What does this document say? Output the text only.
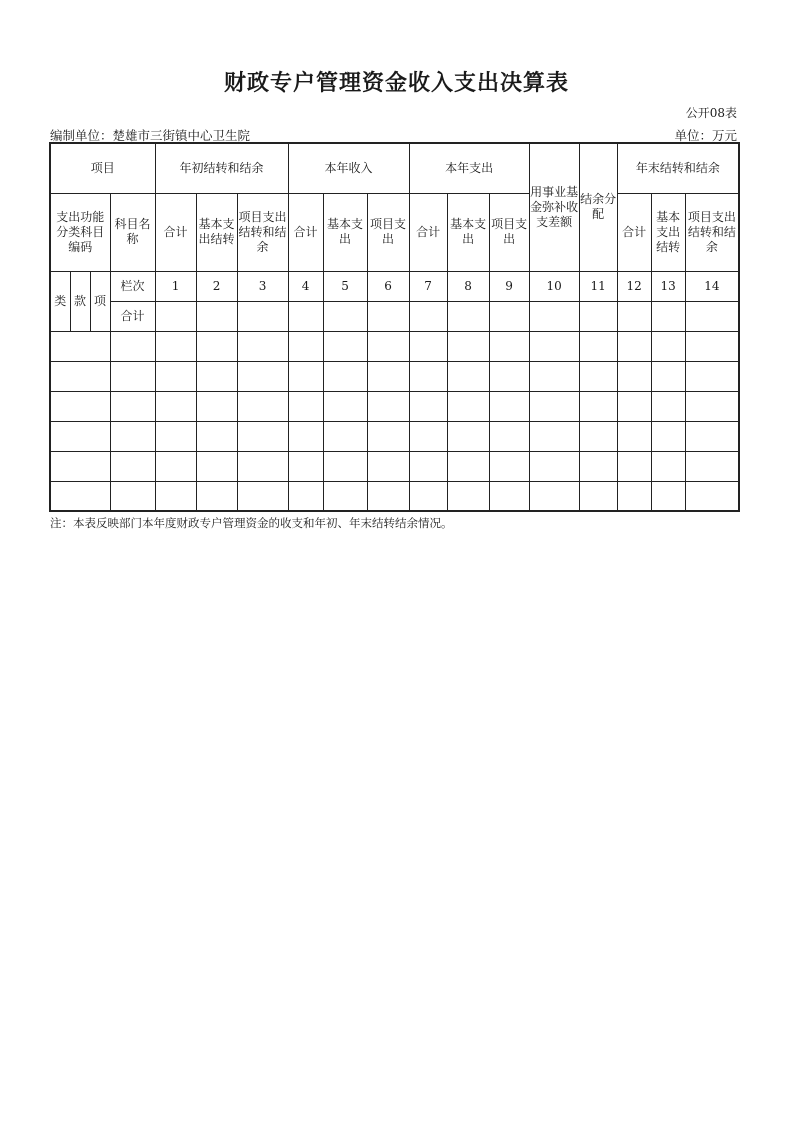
财政专户管理资金收入支出决算表
公开08表
编制单位：楚雄市三街镇中心卫生院	单位：万元
项目				年初结转和结余			本年收入			本年支出			用事业基金弥补收支差额	结余分配	年末结转和结余		
支出功能分类科目编码			科目名称	合计	基本支出结转	项目支出结转和结余	合计	基本支出	项目支出	合计	基本支出	项目支出			合计	基本支出结转	项目支出结转和结余
类	款	项	栏次	1	2	3	4	5	6	7	8	9	10	11	12	13	14
			合计														

注：本表反映部门本年度财政专户管理资金的收支和年初、年末结转结余情况。
